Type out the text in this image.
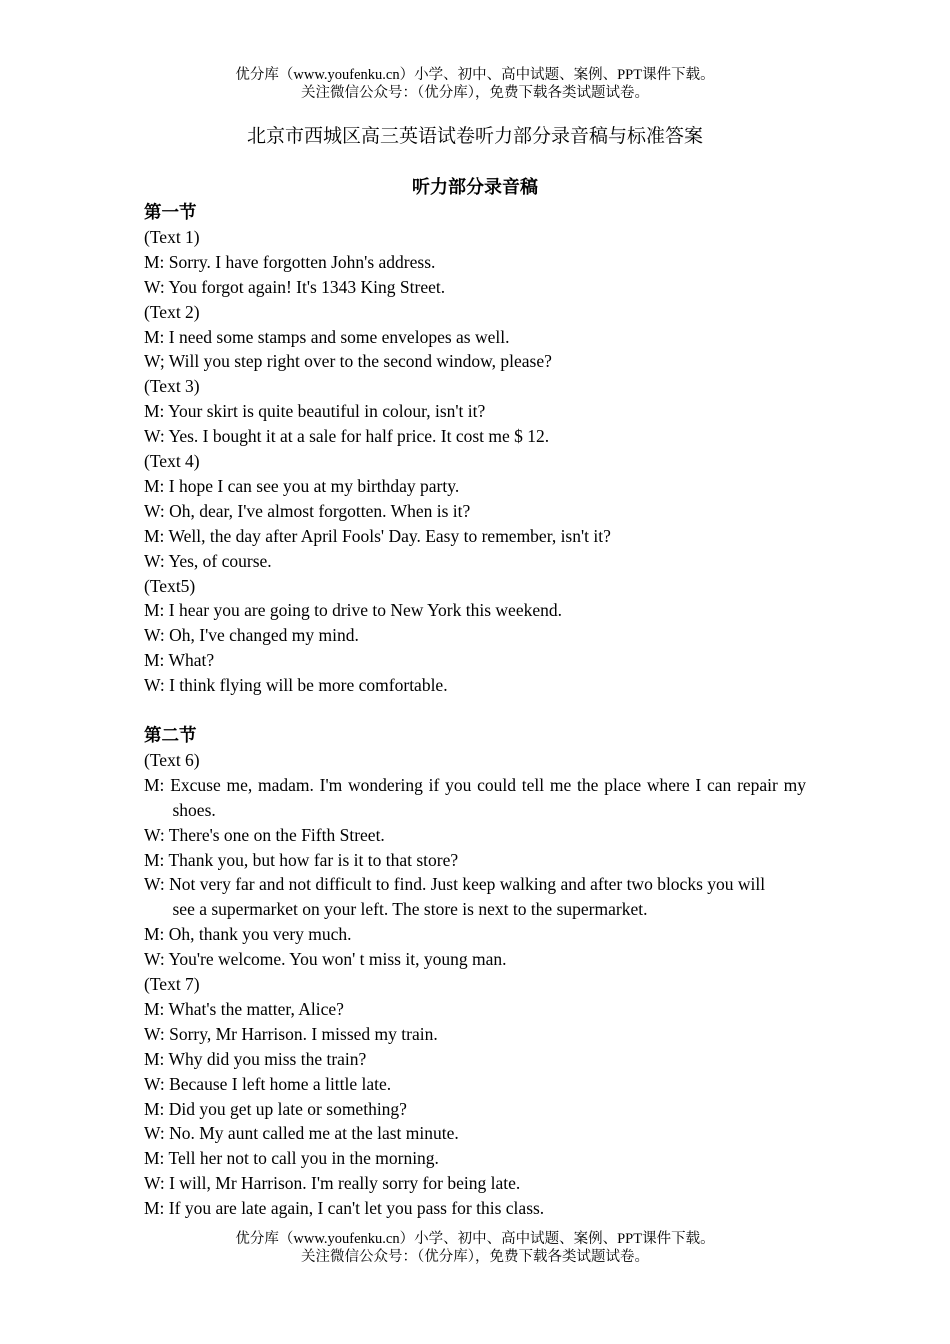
优分库（www.youfenku.cn）小学、初中、高中试题、案例、PPT课件下载。
关注微信公众号：（优分库），免费下载各类试题试卷。
北京市西城区高三英语试卷听力部分录音稿与标准答案
听力部分录音稿
第一节
(Text 1)
M: Sorry. I have forgotten John's address.
W: You forgot again! It's 1343 King Street.
(Text 2)
M: I need some stamps and some envelopes as well.
W; Will you step right over to the second window, please?
(Text 3)
M: Your skirt is quite beautiful in colour, isn't it?
W: Yes. I bought it at a sale for half price. It cost me $ 12.
(Text 4)
M: I hope I can see you at my birthday party.
W: Oh, dear, I've almost forgotten. When is it?
M: Well, the day after April Fools' Day. Easy to remember, isn't it?
W: Yes, of course.
(Text5)
M: I hear you are going to drive to New York this weekend.
W: Oh, I've changed my mind.
M: What?
W: I think flying will be more comfortable.
第二节
(Text 6)
M: Excuse me, madam. I'm wondering if you could tell me the place where I can repair my shoes.
W: There's one on the Fifth Street.
M: Thank you, but how far is it to that store?
W: Not very far and not difficult to find. Just keep walking and after two blocks you will see a supermarket on your left. The store is next to the supermarket.
M: Oh, thank you very much.
W: You're welcome. You won' t miss it, young man.
(Text 7)
M: What's the matter, Alice?
W: Sorry, Mr Harrison. I missed my train.
M: Why did you miss the train?
W: Because I left home a little late.
M: Did you get up late or something?
W: No. My aunt called me at the last minute.
M: Tell her not to call you in the morning.
W: I will, Mr Harrison. I'm really sorry for being late.
M: If you are late again, I can't let you pass for this class.
优分库（www.youfenku.cn）小学、初中、高中试题、案例、PPT课件下载。
关注微信公众号：（优分库），免费下载各类试题试卷。
